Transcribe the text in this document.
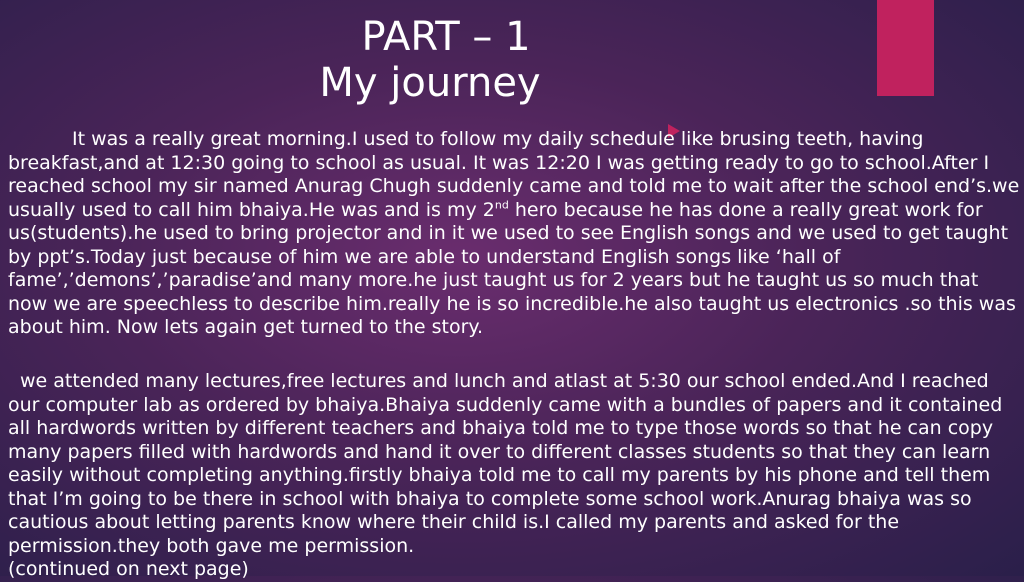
PART – 1
My journey

It was a really great morning.I used to follow my daily schedule like brusing teeth, having breakfast,and at 12:30 going to school as usual. It was 12:20 I was getting ready to go to school.After I reached school my sir named Anurag Chugh suddenly came and told me to wait after the school end’s.we usually used to call him bhaiya.He was and is my 2nd hero because he has done a really great work for us(students).he used to bring projector and in it we used to see English songs and we used to get taught by ppt’s.Today just because of him we are able to understand English songs like ‘hall of fame’,’demons’,’paradise’and many more.he just taught us for 2 years but he taught us so much that now we are speechless to describe him.really he is so incredible.he also taught us electronics .so this was about him. Now lets again get turned to the story.

we attended many lectures,free lectures and lunch and atlast at 5:30 our school ended.And I reached our computer lab as ordered by bhaiya.Bhaiya suddenly came with a bundles of papers and it contained all hardwords written by different teachers and bhaiya told me to type those words so that he can copy many papers filled with hardwords and hand it over to different classes students so that they can learn easily without completing anything.firstly bhaiya told me to call my parents by his phone and tell them that I’m going to be there in school with bhaiya to complete some school work.Anurag bhaiya was so cautious about letting parents know where their child is.I called my parents and asked for the permission.they both gave me permission.
(continued on next page)
